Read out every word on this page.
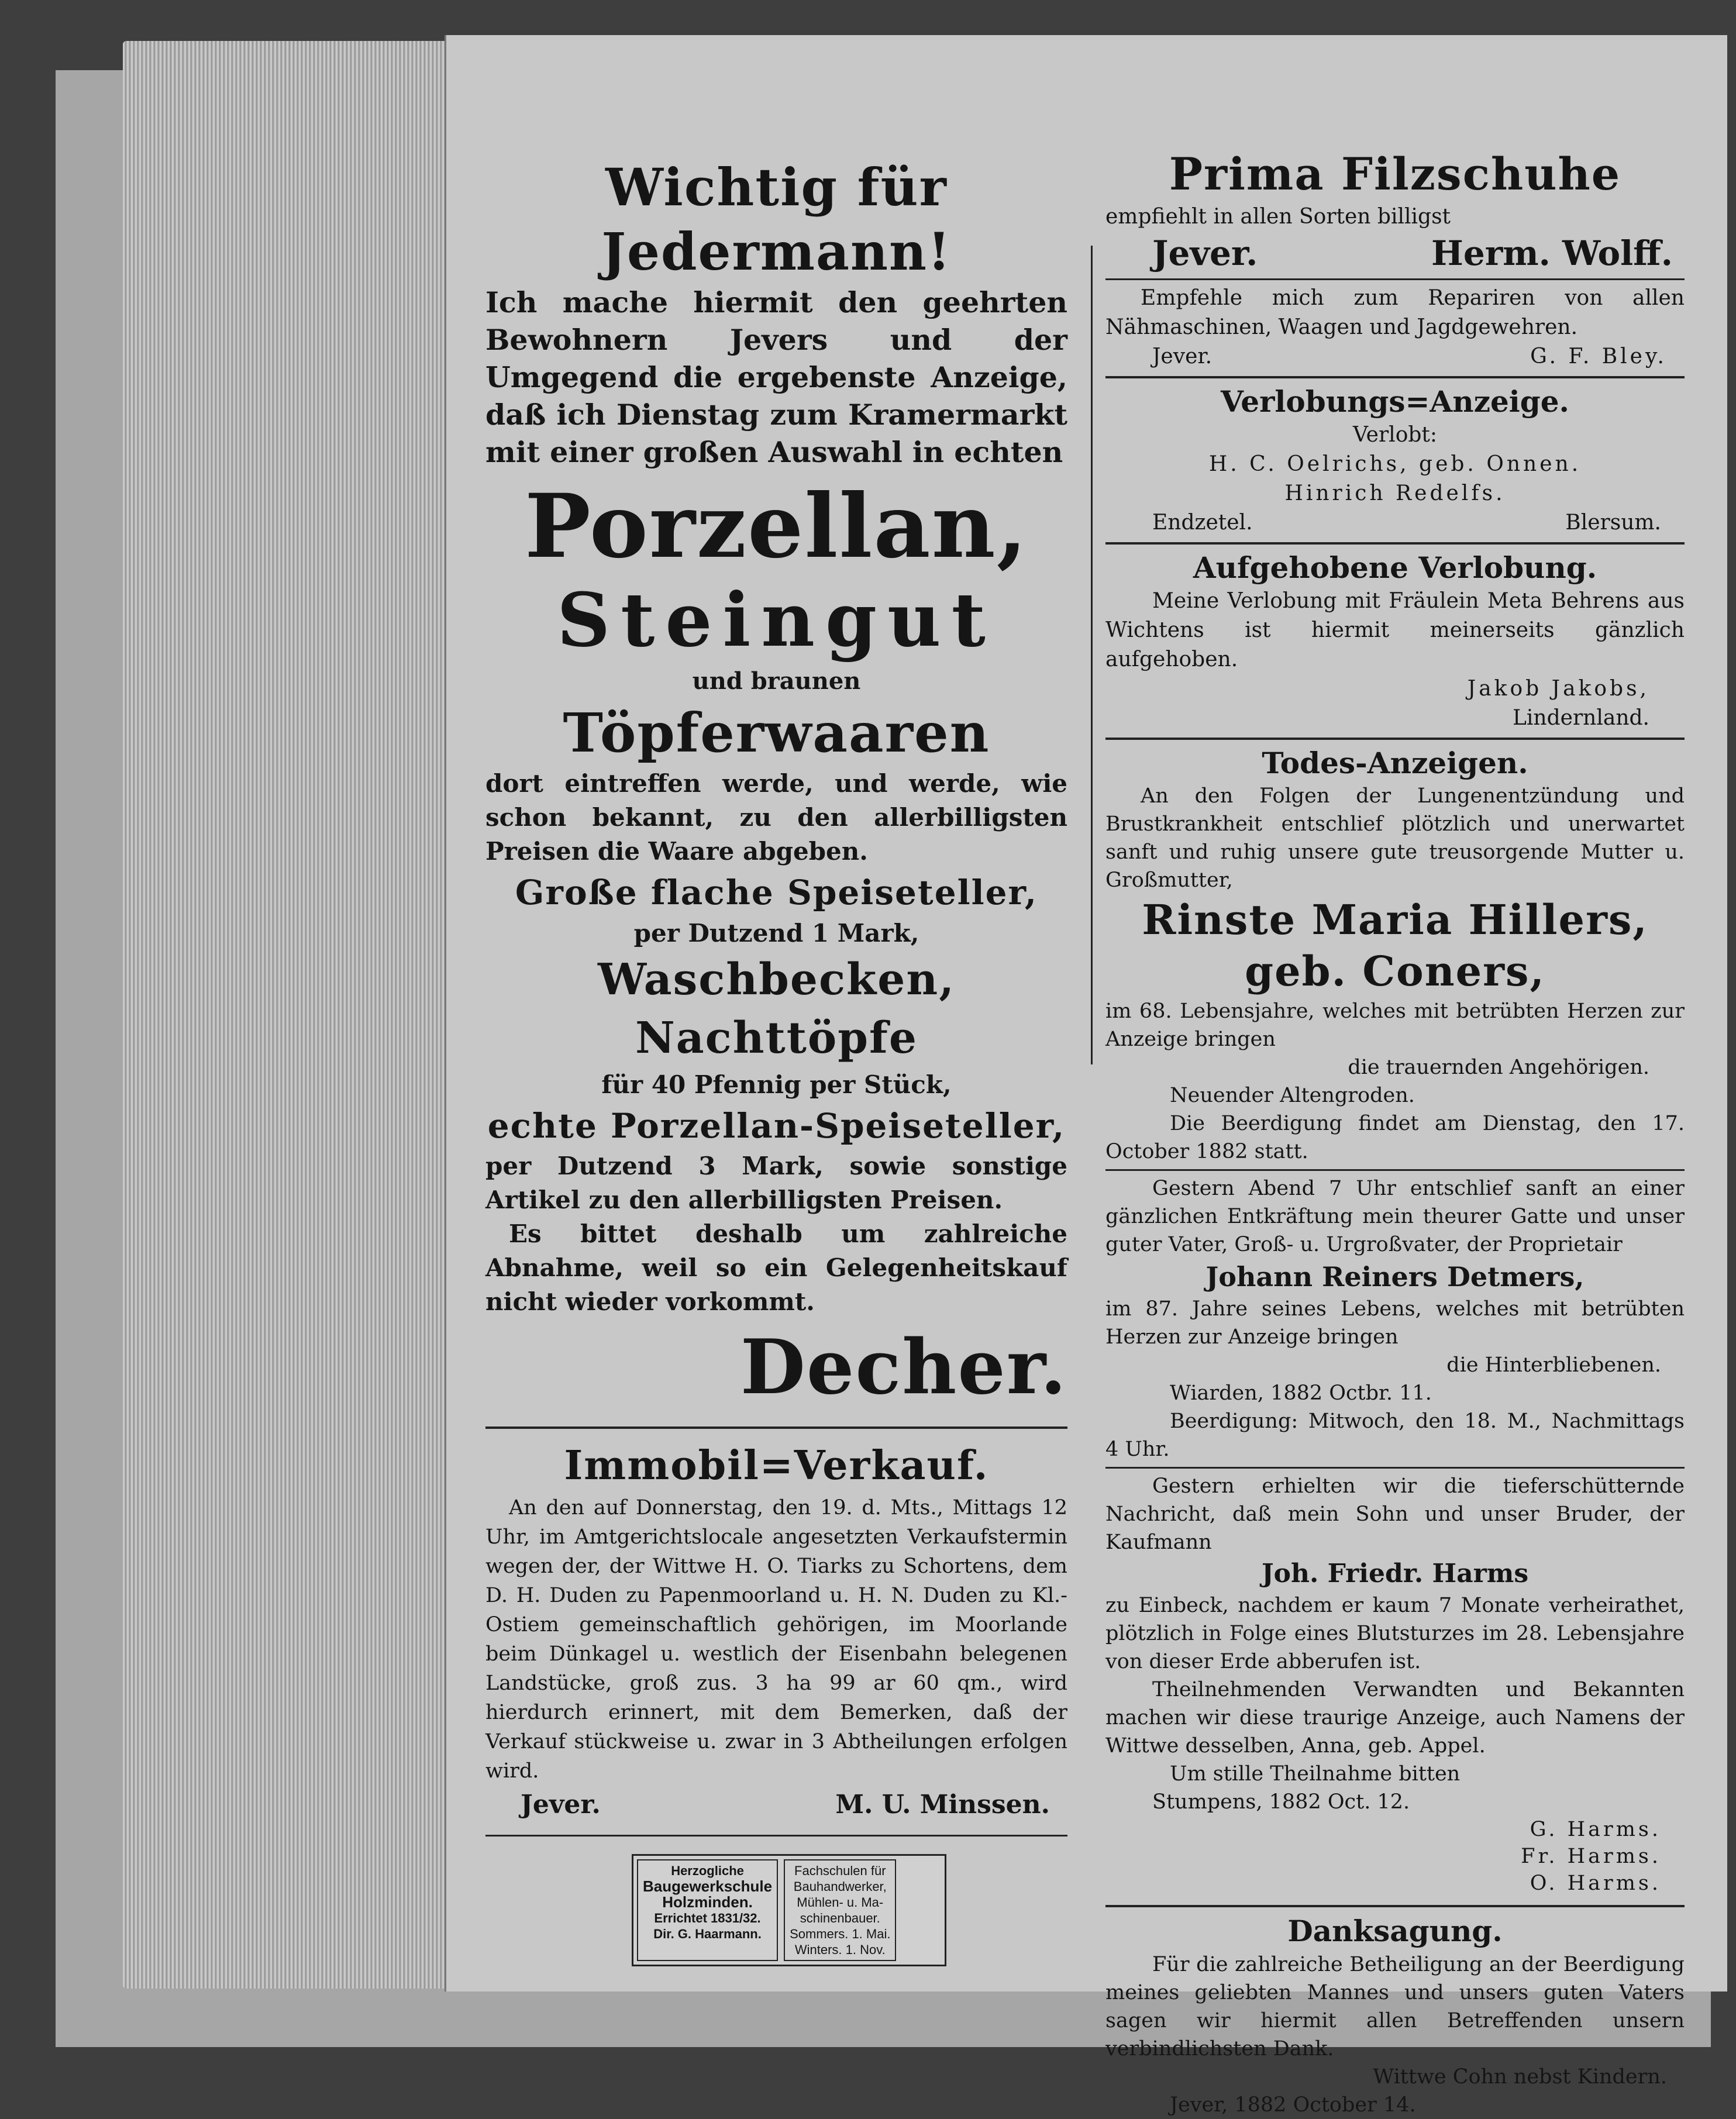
Wichtig für Jedermann!
Ich mache hiermit den geehrten Bewohnern Jevers und der Umgegend die ergebenste Anzeige, daß ich Dienstag zum Kramermarkt mit einer großen Auswahl in echten
Porzellan,
Steingut
und braunen
Töpferwaaren
dort eintreffen werde, und werde, wie schon bekannt, zu den allerbilligsten Preisen die Waare abgeben.
Große flache Speiseteller,
per Dutzend 1 Mark,
Waschbecken, Nachttöpfe
für 40 Pfennig per Stück,
echte Porzellan-Speiseteller,
per Dutzend 3 Mark, sowie sonstige Artikel zu den allerbilligsten Preisen.
Es bittet deshalb um zahlreiche Abnahme, weil so ein Gelegenheitskauf nicht wieder vorkommt.
Decher.
Immobil=Verkauf.
An den auf Donnerstag, den 19. d. Mts., Mittags 12 Uhr, im Amtgerichtslocale angesetzten Verkaufstermin wegen der, der Wittwe H. O. Tiarks zu Schortens, dem D. H. Duden zu Papenmoorland u. H. N. Duden zu Kl.-Ostiem gemeinschaftlich gehörigen, im Moorlande beim Dünkagel u. westlich der Eisenbahn belegenen Landstücke, groß zus. 3 ha 99 ar 60 qm., wird hierdurch erinnert, mit dem Bemerken, daß der Verkauf stückweise u. zwar in 3 Abtheilungen erfolgen wird.
Jever.	M. U. Minssen.
Herzogliche
Baugewerkschule
Holzminden.
Errichtet 1831/32.
Dir. G. Haarmann.
Fachschulen für
Bauhandwerker,
Mühlen- u. Ma-
schinenbauer.
Sommers. 1. Mai.
Winters. 1. Nov.
Prima Filzschuhe
empfiehlt in allen Sorten billigst
Jever.	Herm. Wolff.
Empfehle mich zum Repariren von allen Nähmaschinen, Waagen und Jagdgewehren.
Jever.	G. F. Bley.
Verlobungs=Anzeige.
Verlobt:
H. C. Oelrichs, geb. Onnen.
Hinrich Redelfs.
Endzetel.	Blersum.
Aufgehobene Verlobung.
Meine Verlobung mit Fräulein Meta Behrens aus Wichtens ist hiermit meinerseits gänzlich aufgehoben.
Jakob Jakobs,
Lindernland.
Todes-Anzeigen.
An den Folgen der Lungenentzündung und Brustkrankheit entschlief plötzlich und unerwartet sanft und ruhig unsere gute treusorgende Mutter u. Großmutter,
Rinste Maria Hillers,
geb. Coners,
im 68. Lebensjahre, welches mit betrübten Herzen zur Anzeige bringen
die trauernden Angehörigen.
Neuender Altengroden.
Die Beerdigung findet am Dienstag, den 17. October 1882 statt.
Gestern Abend 7 Uhr entschlief sanft an einer gänzlichen Entkräftung mein theurer Gatte und unser guter Vater, Groß- u. Urgroßvater, der Proprietair
Johann Reiners Detmers,
im 87. Jahre seines Lebens, welches mit betrübten Herzen zur Anzeige bringen
die Hinterbliebenen.
Wiarden, 1882 Octbr. 11.
Beerdigung: Mitwoch, den 18. M., Nachmittags 4 Uhr.
Gestern erhielten wir die tieferschütternde Nachricht, daß mein Sohn und unser Bruder, der Kaufmann
Joh. Friedr. Harms
zu Einbeck, nachdem er kaum 7 Monate verheirathet, plötzlich in Folge eines Blutsturzes im 28. Lebensjahre von dieser Erde abberufen ist.
Theilnehmenden Verwandten und Bekannten machen wir diese traurige Anzeige, auch Namens der Wittwe desselben, Anna, geb. Appel.
Um stille Theilnahme bitten
Stumpens, 1882 Oct. 12.
G. Harms.
Fr. Harms.
O. Harms.
Danksagung.
Für die zahlreiche Betheiligung an der Beerdigung meines geliebten Mannes und unsers guten Vaters sagen wir hiermit allen Betreffenden unsern verbindlichsten Dank.
Wittwe Cohn nebst Kindern.
Jever, 1882 October 14.
